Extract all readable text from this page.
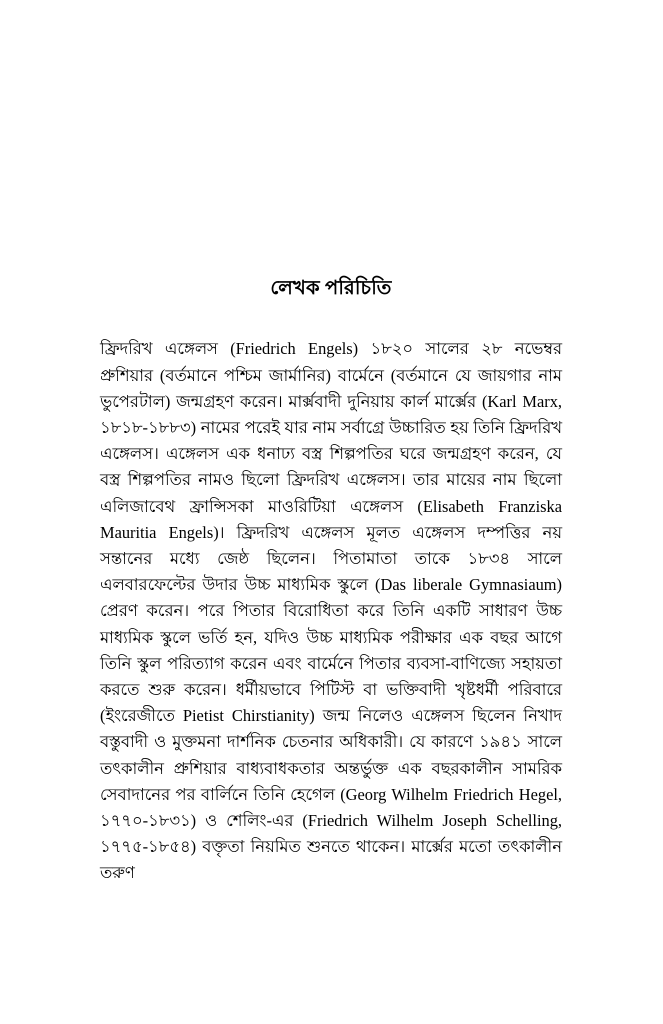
লেখক পরিচিতি

ফ্রিদরিখ এঙ্গেলস (Friedrich Engels) ১৮২০ সালের ২৮ নভেম্বর প্রুশিয়ার (বর্তমানে পশ্চিম জার্মানির) বার্মেনে (বর্তমানে যে জায়গার নাম ভুপেরটাল) জন্মগ্রহণ করেন। মার্ক্সবাদী দুনিয়ায় কার্ল মার্ক্সের (Karl Marx, ১৮১৮-১৮৮৩) নামের পরেই যার নাম সর্বাগ্রে উচ্চারিত হয় তিনি ফ্রিদরিখ এঙ্গেলস। এঙ্গেলস এক ধনাঢ্য বস্ত্র শিল্পপতির ঘরে জন্মগ্রহণ করেন, যে বস্ত্র শিল্পপতির নামও ছিলো ফ্রিদরিখ এঙ্গেলস। তার মায়ের নাম ছিলো এলিজাবেথ ফ্রান্সিসকা মাওরিটিয়া এঙ্গেলস (Elisabeth Franziska Mauritia Engels)। ফ্রিদরিখ এঙ্গেলস মূলত এঙ্গেলস দম্পত্তির নয় সন্তানের মধ্যে জেষ্ঠ ছিলেন। পিতামাতা তাকে ১৮৩৪ সালে এলবারফেল্টের উদার উচ্চ মাধ্যমিক স্কুলে (Das liberale Gymnasiaum) প্রেরণ করেন। পরে পিতার বিরোধিতা করে তিনি একটি সাধারণ উচ্চ মাধ্যমিক স্কুলে ভর্তি হন, যদিও উচ্চ মাধ্যমিক পরীক্ষার এক বছর আগে তিনি স্কুল পরিত্যাগ করেন এবং বার্মেনে পিতার ব্যবসা-বাণিজ্যে সহায়তা করতে শুরু করেন। ধর্মীয়ভাবে পিটিস্ট বা ভক্তিবাদী খৃষ্টধর্মী পরিবারে (ইংরেজীতে Pietist Chirstianity) জন্ম নিলেও এঙ্গেলস ছিলেন নিখাদ বস্তুবাদী ও মুক্তমনা দার্শনিক চেতনার অধিকারী। যে কারণে ১৯৪১ সালে তৎকালীন প্রুশিয়ার বাধ্যবাধকতার অন্তর্ভুক্ত এক বছরকালীন সামরিক সেবাদানের পর বার্লিনে তিনি হেগেল (Georg Wilhelm Friedrich Hegel, ১৭৭০-১৮৩১) ও শেলিং-এর (Friedrich Wilhelm Joseph Schelling, ১৭৭৫-১৮৫৪) বক্তৃতা নিয়মিত শুনতে থাকেন। মার্ক্সের মতো তৎকালীন তরুণ
